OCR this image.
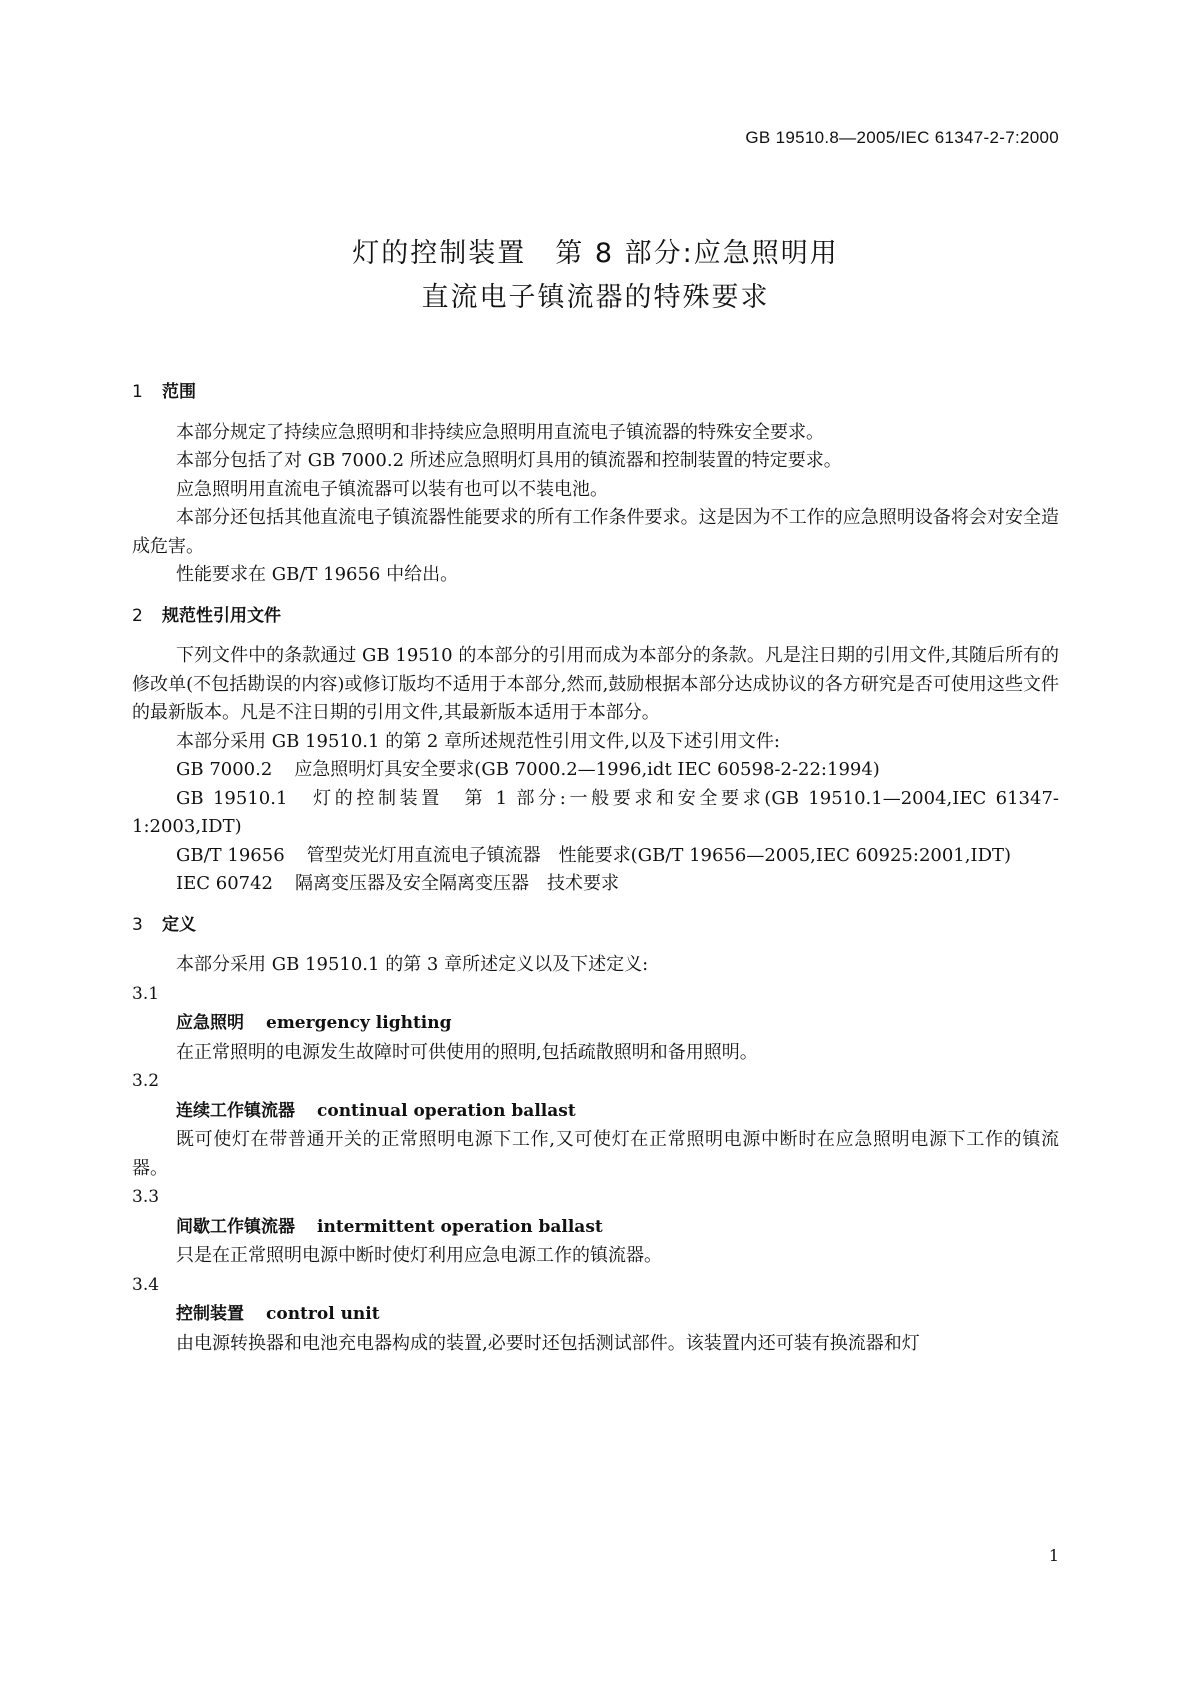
GB 19510.8—2005/IEC 61347-2-7:2000
灯的控制装置　第 8 部分:应急照明用
直流电子镇流器的特殊要求
1 范围

本部分规定了持续应急照明和非持续应急照明用直流电子镇流器的特殊安全要求。

本部分包括了对 GB 7000.2 所述应急照明灯具用的镇流器和控制装置的特定要求。

应急照明用直流电子镇流器可以装有也可以不装电池。

本部分还包括其他直流电子镇流器性能要求的所有工作条件要求。这是因为不工作的应急照明设备将会对安全造成危害。

性能要求在 GB/T 19656 中给出。

2 规范性引用文件

下列文件中的条款通过 GB 19510 的本部分的引用而成为本部分的条款。凡是注日期的引用文件,其随后所有的修改单(不包括勘误的内容)或修订版均不适用于本部分,然而,鼓励根据本部分达成协议的各方研究是否可使用这些文件的最新版本。凡是不注日期的引用文件,其最新版本适用于本部分。

本部分采用 GB 19510.1 的第 2 章所述规范性引用文件,以及下述引用文件:

GB 7000.2 应急照明灯具安全要求(GB 7000.2—1996,idt IEC 60598-2-22:1994)

GB 19510.1 灯的控制装置　第 1 部分:一般要求和安全要求(GB 19510.1—2004,IEC 61347-1:2003,IDT)

GB/T 19656 管型荧光灯用直流电子镇流器　性能要求(GB/T 19656—2005,IEC 60925:2001,IDT)

IEC 60742 隔离变压器及安全隔离变压器　技术要求

3 定义

本部分采用 GB 19510.1 的第 3 章所述定义以及下述定义:

3.1
应急照明 emergency lighting

在正常照明的电源发生故障时可供使用的照明,包括疏散照明和备用照明。

3.2
连续工作镇流器 continual operation ballast

既可使灯在带普通开关的正常照明电源下工作,又可使灯在正常照明电源中断时在应急照明电源下工作的镇流器。

3.3
间歇工作镇流器 intermittent operation ballast

只是在正常照明电源中断时使灯利用应急电源工作的镇流器。

3.4
控制装置 control unit

由电源转换器和电池充电器构成的装置,必要时还包括测试部件。该装置内还可装有换流器和灯

1
